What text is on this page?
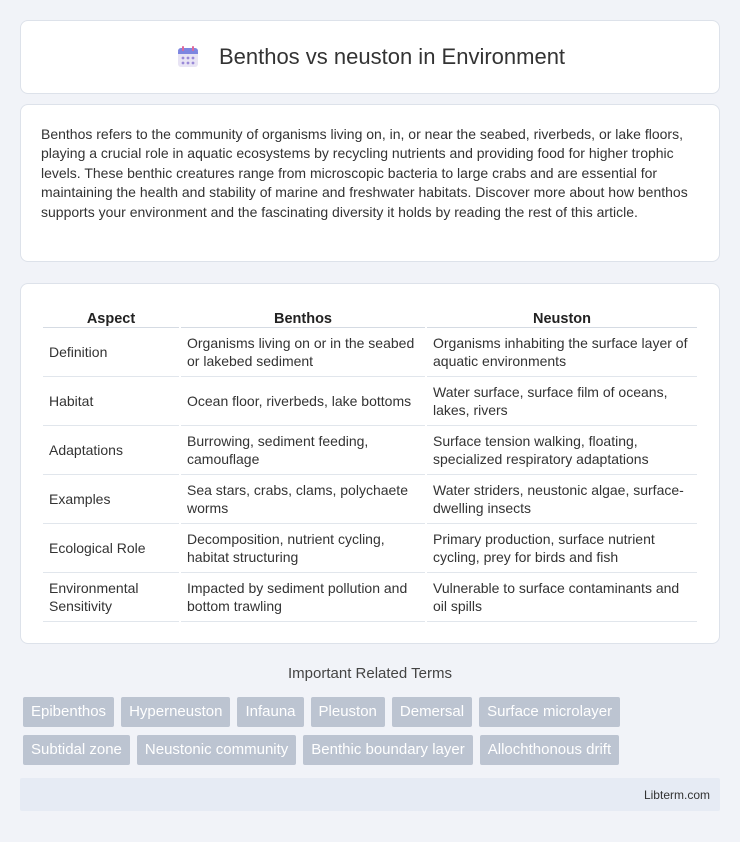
Benthos vs neuston in Environment

Benthos refers to the community of organisms living on, in, or near the seabed, riverbeds, or lake floors, playing a crucial role in aquatic ecosystems by recycling nutrients and providing food for higher trophic levels. These benthic creatures range from microscopic bacteria to large crabs and are essential for maintaining the health and stability of marine and freshwater habitats. Discover more about how benthos supports your environment and the fascinating diversity it holds by reading the rest of this article.

Aspect	Benthos	Neuston
Definition	Organisms living on or in the seabed or lakebed sediment	Organisms inhabiting the surface layer of aquatic environments
Habitat	Ocean floor, riverbeds, lake bottoms	Water surface, surface film of oceans, lakes, rivers
Adaptations	Burrowing, sediment feeding, camouflage	Surface tension walking, floating, specialized respiratory adaptations
Examples	Sea stars, crabs, clams, polychaete worms	Water striders, neustonic algae, surface-dwelling insects
Ecological Role	Decomposition, nutrient cycling, habitat structuring	Primary production, surface nutrient cycling, prey for birds and fish
Environmental Sensitivity	Impacted by sediment pollution and bottom trawling	Vulnerable to surface contaminants and oil spills
Important Related Terms
Epibenthos	Hyperneuston	Infauna	Pleuston	Demersal	Surface microlayer
Subtidal zone	Neustonic community	Benthic boundary layer	Allochthonous drift
Libterm.com
